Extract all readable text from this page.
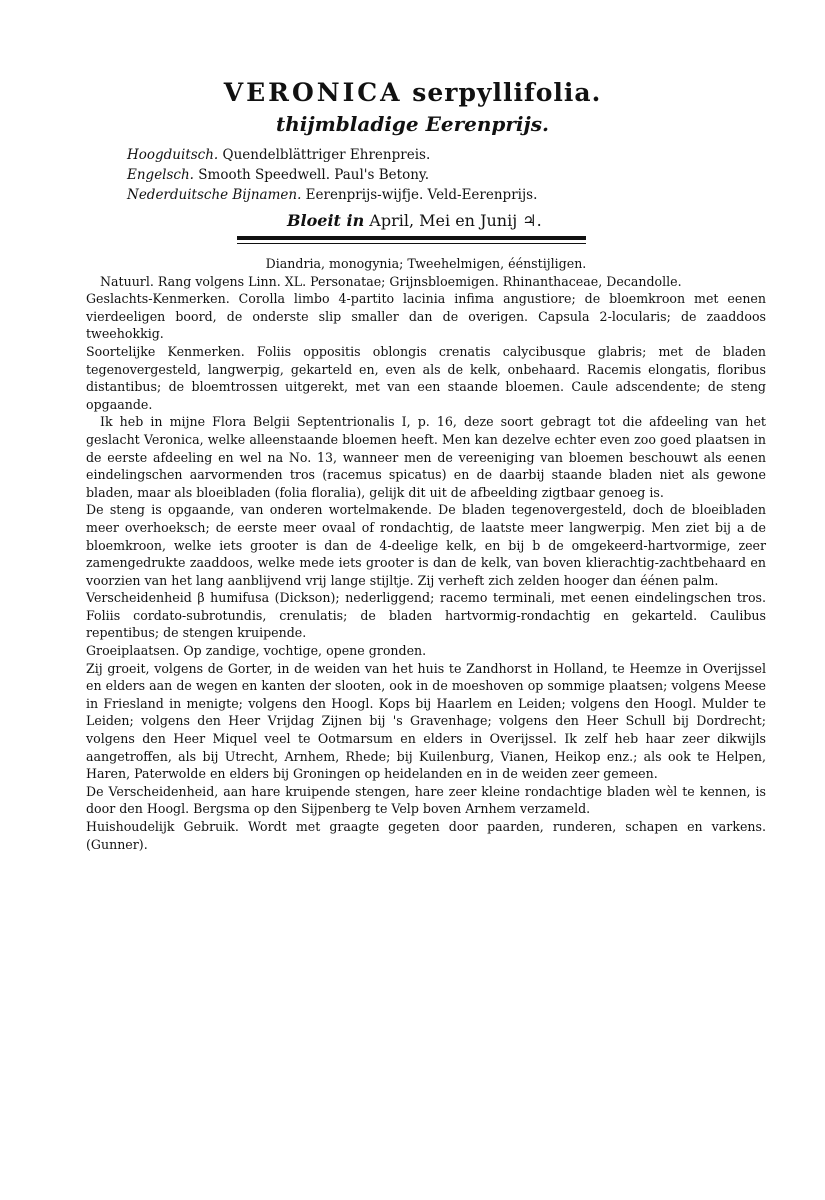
VERONICA serpyllifolia.
thijmbladige Eerenprijs.
Hoogduitsch. Quendelblättriger Ehrenpreis.
Engelsch. Smooth Speedwell. Paul's Betony.
Nederduitsche Bijnamen. Eerenprijs-wijfje. Veld-Eerenprijs.
Bloeit in April, Mei en Junij ♃.

Diandria, monogynia; Tweehelmigen, éénstijligen.

Natuurl. Rang volgens Linn. XL. Personatae; Grijnsbloemigen. Rhinanthaceae, Decandolle.

Geslachts-Kenmerken. Corolla limbo 4-partito lacinia infima angustiore; de bloemkroon met eenen vierdeeligen boord, de onderste slip smaller dan de overigen. Capsula 2-locularis; de zaaddoos tweehokkig.

Soortelijke Kenmerken. Foliis oppositis oblongis crenatis calycibusque glabris; met de bladen tegenovergesteld, langwerpig, gekarteld en, even als de kelk, onbehaard. Racemis elongatis, floribus distantibus; de bloemtrossen uitgerekt, met van een staande bloemen. Caule adscendente; de steng opgaande.

Ik heb in mijne Flora Belgii Septentrionalis I, p. 16, deze soort gebragt tot die afdeeling van het geslacht Veronica, welke alleenstaande bloemen heeft. Men kan dezelve echter even zoo goed plaatsen in de eerste afdeeling en wel na No. 13, wanneer men de vereeniging van bloemen beschouwt als eenen eindelingschen aarvormenden tros (racemus spicatus) en de daarbij staande bladen niet als gewone bladen, maar als bloeibladen (folia floralia), gelijk dit uit de afbeelding zigtbaar genoeg is.

De steng is opgaande, van onderen wortelmakende. De bladen tegenovergesteld, doch de bloeibladen meer overhoeksch; de eerste meer ovaal of rondachtig, de laatste meer langwerpig. Men ziet bij a de bloemkroon, welke iets grooter is dan de 4-deelige kelk, en bij b de omgekeerd-hartvormige, zeer zamengedrukte zaaddoos, welke mede iets grooter is dan de kelk, van boven klierachtig-zachtbehaard en voorzien van het lang aanblijvend vrij lange stijltje. Zij verheft zich zelden hooger dan éénen palm.

Verscheidenheid β humifusa (Dickson); nederliggend; racemo terminali, met eenen eindelingschen tros. Foliis cordato-subrotundis, crenulatis; de bladen hartvormig-rondachtig en gekarteld. Caulibus repentibus; de stengen kruipende.

Groeiplaatsen. Op zandige, vochtige, opene gronden.

Zij groeit, volgens de Gorter, in de weiden van het huis te Zandhorst in Holland, te Heemze in Overijssel en elders aan de wegen en kanten der slooten, ook in de moeshoven op sommige plaatsen; volgens Meese in Friesland in menigte; volgens den Hoogl. Kops bij Haarlem en Leiden; volgens den Hoogl. Mulder te Leiden; volgens den Heer Vrijdag Zijnen bij 's Gravenhage; volgens den Heer Schull bij Dordrecht; volgens den Heer Miquel veel te Ootmarsum en elders in Overijssel. Ik zelf heb haar zeer dikwijls aangetroffen, als bij Utrecht, Arnhem, Rhede; bij Kuilenburg, Vianen, Heikop enz.; als ook te Helpen, Haren, Paterwolde en elders bij Groningen op heidelanden en in de weiden zeer gemeen.

De Verscheidenheid, aan hare kruipende stengen, hare zeer kleine rondachtige bladen wèl te kennen, is door den Hoogl. Bergsma op den Sijpenberg te Velp boven Arnhem verzameld.

Huishoudelijk Gebruik. Wordt met graagte gegeten door paarden, runderen, schapen en varkens. (Gunner).
